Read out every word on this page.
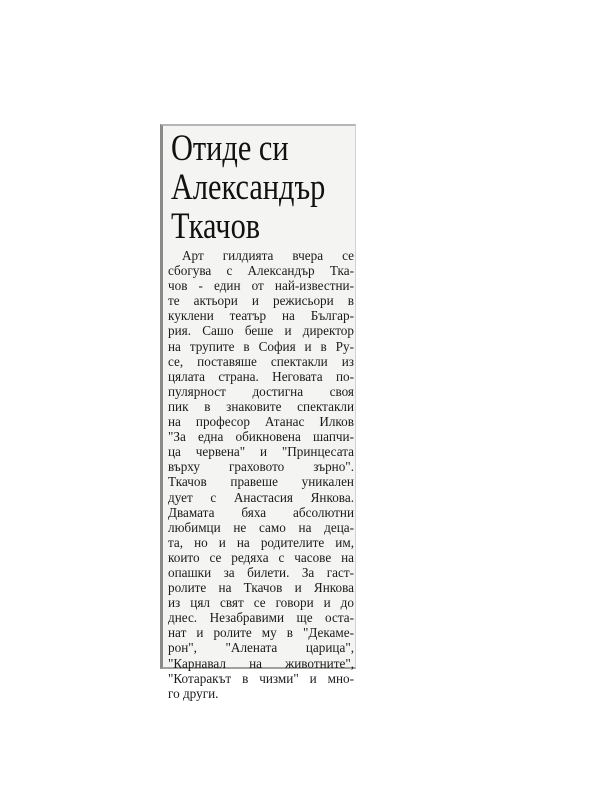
Отиде си
Александър
Ткачов
Арт гилдията вчера се
сбогува с Александър Тка-
чов - един от най-известни-
те актьори и режисьори в
куклени театър на Българ-
рия. Сашо беше и директор
на трупите в София и в Ру-
се, поставяше спектакли из
цялата страна. Неговата по-
пулярност достигна своя
пик в знаковите спектакли
на професор Атанас Илков
"За една обикновена шапчи-
ца червена" и "Принцесата
върху граховото зърно".
Ткачов правеше уникален
дует с Анастасия Янкова.
Двамата бяха абсолютни
любимци не само на деца-
та, но и на родителите им,
които се редяха с часове на
опашки за билети. За гаст-
ролите на Ткачов и Янкова
из цял свят се говори и до
днес. Незабравими ще оста-
нат и ролите му в "Декаме-
рон", "Алената царица",
"Карнавал на животните",
"Котаракът в чизми" и мно-
го други.
